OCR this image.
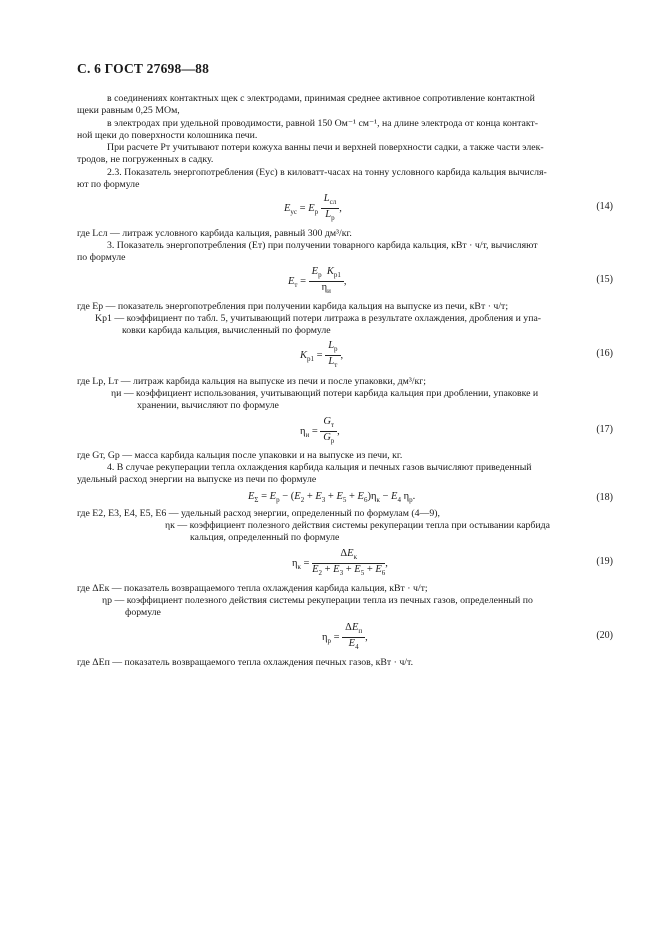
С. 6 ГОСТ 27698—88
в соединениях контактных щек с электродами, принимая среднее активное сопротивление контактной
щеки равным 0,25 МОм,
в электродах при удельной проводимости, равной 150 Ом⁻¹ см⁻¹, на длине электрода от конца контакт-
ной щеки до поверхности колошника печи.
При расчете Pт учитывают потери кожуха ванны печи и верхней поверхности садки, а также части элек-
тродов, не погруженных в садку.
2.3. Показатель энергопотребления (Eус) в киловатт-часах на тонну условного карбида кальция вычисля-
ют по формуле
$E_{ус} = E_р \frac{L_{сл}}{L_р}$ ,	(14)
где Lсл — литраж условного карбида кальция, равный 300 дм³/кг.
3. Показатель энергопотребления (Eт) при получении товарного карбида кальция, кВт · ч/т, вычисляют
по формуле
$E_т = \frac{E_р K_{р1}}{\eta_и}$ ,	(15)
где Eр — показатель энергопотребления при получении карбида кальция на выпуске из печи, кВт · ч/т;
Kр1 — коэффициент по табл. 5, учитывающий потери литража в результате охлаждения, дробления и упа-
ковки карбида кальция, вычисленный по формуле
$K_{р1} = \frac{L_р}{L_т}$ ,	(16)
где Lр, Lт — литраж карбида кальция на выпуске из печи и после упаковки, дм³/кг;
ηи — коэффициент использования, учитывающий потери карбида кальция при дроблении, упаковке и
хранении, вычисляют по формуле
$\eta_и = \frac{G_т}{G_р}$ ,	(17)
где Gт, Gр — масса карбида кальция после упаковки и на выпуске из печи, кг.
4. В случае рекуперации тепла охлаждения карбида кальция и печных газов вычисляют приведенный
удельный расход энергии на выпуске из печи по формуле
$E_\Sigma = E_р - (E_2 + E_3 + E_5 + E_6)\eta_к - E_4$ $\eta_р$.	(18)
где E2, E3, E4, E5, E6 — удельный расход энергии, определенный по формулам (4—9),
ηк — коэффициент полезного действия системы рекуперации тепла при остывании карбида
кальция, определенный по формуле
$\eta_к = \frac{\Delta E_к}{E_2 + E_3 + E_5 + E_6}$ ,	(19)
где ΔEк — показатель возвращаемого тепла охлаждения карбида кальция, кВт · ч/т;
ηр — коэффициент полезного действия системы рекуперации тепла из печных газов, определенный по
формуле
$\eta_р = \frac{\Delta E_п}{E_4}$ ,	(20)
где ΔEп — показатель возвращаемого тепла охлаждения печных газов, кВт · ч/т.
